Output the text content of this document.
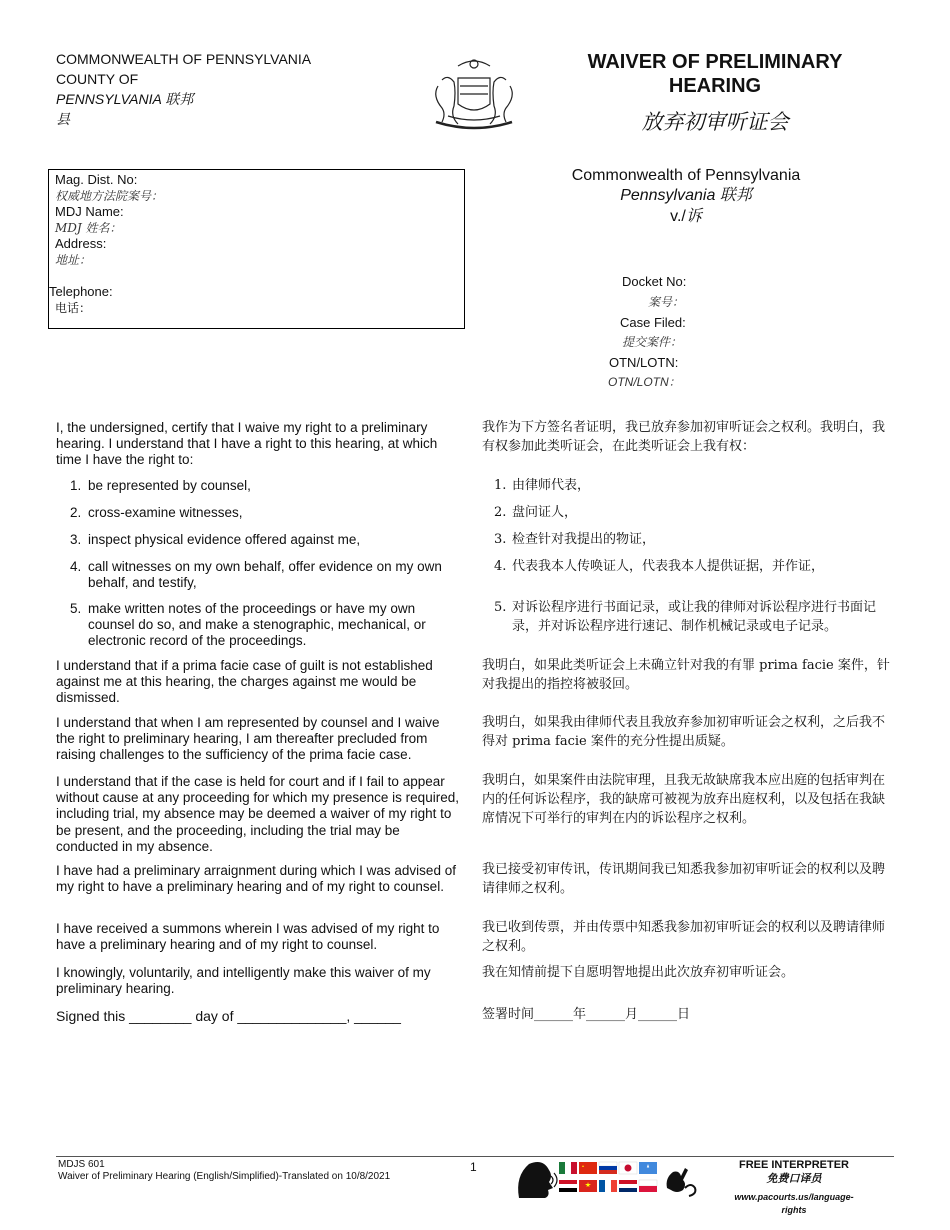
COMMONWEALTH OF PENNSYLVANIA
COUNTY OF
PENNSYLVANIA 联邦
县
WAIVER OF PRELIMINARY
HEARING
放弃初审听证会
Mag. Dist. No:
权威地方法院案号：
MDJ Name:
MDJ 姓名：
Address:
地址：
Telephone:
电话：
Commonwealth of Pennsylvania
Pennsylvania 联邦
v./诉
Docket No:
案号：
Case Filed:
提交案件：
OTN/LOTN:
OTN/LOTN：
I, the undersigned, certify that I waive my right to a preliminary hearing. I understand that I have a right to this hearing, at which time I have the right to:
1. be represented by counsel,
2. cross-examine witnesses,
3. inspect physical evidence offered against me,
4. call witnesses on my own behalf, offer evidence on my own behalf, and testify,
5. make written notes of the proceedings or have my own counsel do so, and make a stenographic, mechanical, or electronic record of the proceedings.
I understand that if a prima facie case of guilt is not established against me at this hearing, the charges against me would be dismissed.
I understand that when I am represented by counsel and I waive the right to preliminary hearing, I am thereafter precluded from raising challenges to the sufficiency of the prima facie case.
I understand that if the case is held for court and if I fail to appear without cause at any proceeding for which my presence is required, including trial, my absence may be deemed a waiver of my right to be present, and the proceeding, including the trial may be conducted in my absence.
I have had a preliminary arraignment during which I was advised of my right to have a preliminary hearing and of my right to counsel.
I have received a summons wherein I was advised of my right to have a preliminary hearing and of my right to counsel.
I knowingly, voluntarily, and intelligently make this waiver of my preliminary hearing.
Signed this ________ day of ______________, ______
我作为下方签名者证明，我已放弃参加初审听证会之权利。我明白，我有权参加此类听证会，在此类听证会上我有权：
1. 由律师代表，
2. 盘问证人，
3. 检查针对我提出的物证，
4. 代表我本人传唤证人，代表我本人提供证据，并作证，
5. 对诉讼程序进行书面记录，或让我的律师对诉讼程序进行书面记录，并对诉讼程序进行速记、制作机械记录或电子记录。
我明白，如果此类听证会上未确立针对我的有罪 prima facie 案件，针对我提出的指控将被驳回。
我明白，如果我由律师代表且我放弃参加初审听证会之权利，之后我不得对 prima facie 案件的充分性提出质疑。
我明白，如果案件由法院审理，且我无故缺席我本应出庭的包括审判在内的任何诉讼程序，我的缺席可被视为放弃出庭权利，以及包括在我缺席情况下可举行的审判在内的诉讼程序之权利。
我已接受初审传讯，传讯期间我已知悉我参加初审听证会的权利以及聘请律师之权利。
我已收到传票，并由传票中知悉我参加初审听证会的权利以及聘请律师之权利。
我在知情前提下自愿明智地提出此次放弃初审听证会。
签署时间______年______月______日
MDJS 601
Waiver of Preliminary Hearing (English/Simplified)-Translated on 10/8/2021
1	FREE INTERPRETER
免费口译员
www.pacourts.us/language-rights
